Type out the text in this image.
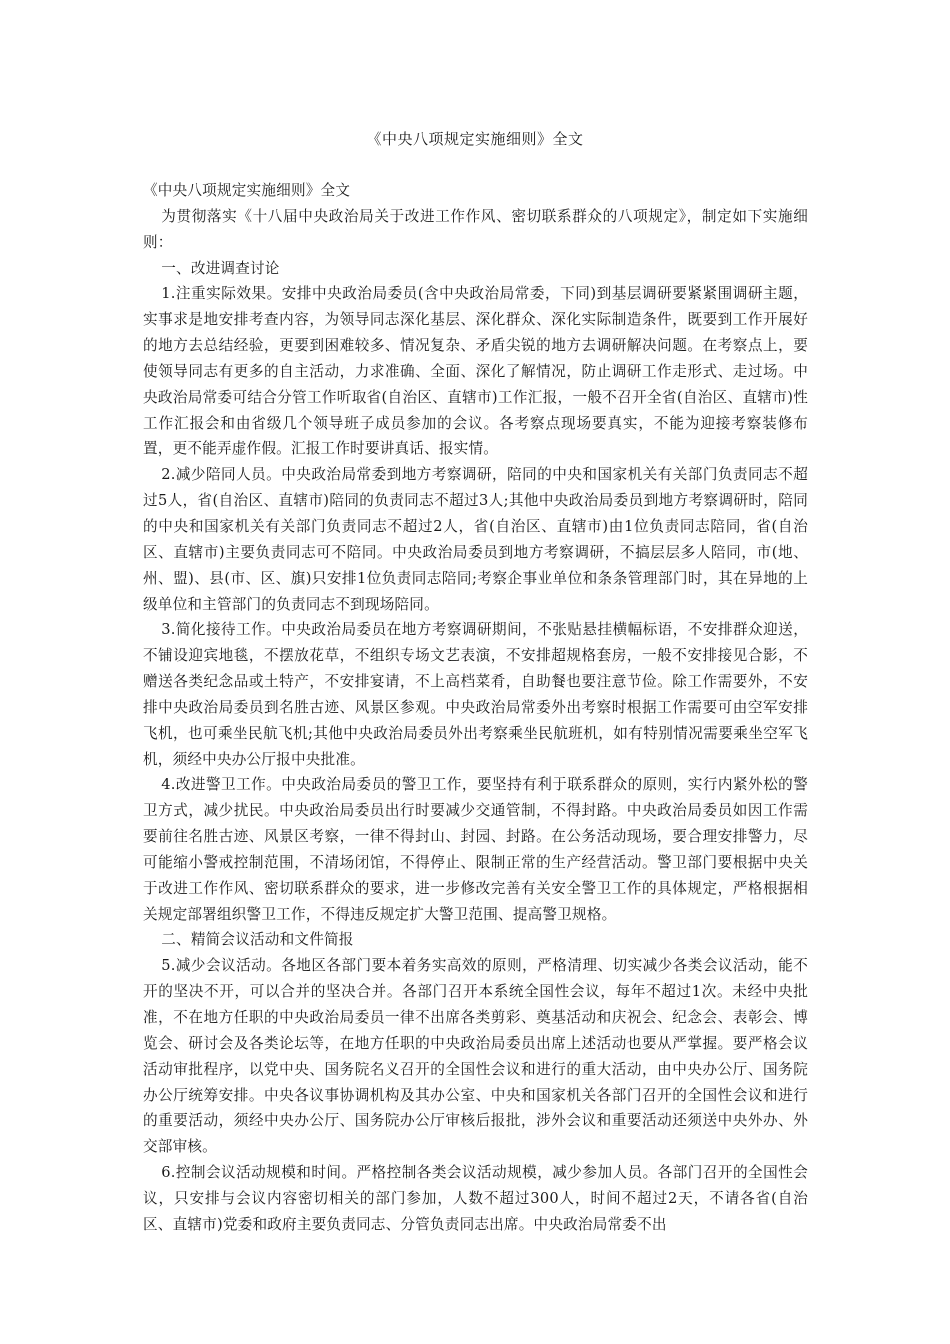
《中央八项规定实施细则》全文

《中央八项规定实施细则》全文

为贯彻落实《十八届中央政治局关于改进工作作风、密切联系群众的八项规定》，制定如下实施细则：

一、改进调查讨论

1.注重实际效果。安排中央政治局委员(含中央政治局常委，下同)到基层调研要紧紧围调研主题，实事求是地安排考查内容，为领导同志深化基层、深化群众、深化实际制造条件，既要到工作开展好的地方去总结经验，更要到困难较多、情况复杂、矛盾尖锐的地方去调研解决问题。在考察点上，要使领导同志有更多的自主活动，力求准确、全面、深化了解情况，防止调研工作走形式、走过场。中央政治局常委可结合分管工作听取省(自治区、直辖市)工作汇报，一般不召开全省(自治区、直辖市)性工作汇报会和由省级几个领导班子成员参加的会议。各考察点现场要真实，不能为迎接考察装修布置，更不能弄虚作假。汇报工作时要讲真话、报实情。

2.减少陪同人员。中央政治局常委到地方考察调研，陪同的中央和国家机关有关部门负责同志不超过5人，省(自治区、直辖市)陪同的负责同志不超过3人;其他中央政治局委员到地方考察调研时，陪同的中央和国家机关有关部门负责同志不超过2人，省(自治区、直辖市)由1位负责同志陪同，省(自治区、直辖市)主要负责同志可不陪同。中央政治局委员到地方考察调研，不搞层层多人陪同，市(地、州、盟)、县(市、区、旗)只安排1位负责同志陪同;考察企事业单位和条条管理部门时，其在异地的上级单位和主管部门的负责同志不到现场陪同。

3.简化接待工作。中央政治局委员在地方考察调研期间，不张贴悬挂横幅标语，不安排群众迎送，不铺设迎宾地毯，不摆放花草，不组织专场文艺表演，不安排超规格套房，一般不安排接见合影，不赠送各类纪念品或土特产，不安排宴请，不上高档菜肴，自助餐也要注意节俭。除工作需要外，不安排中央政治局委员到名胜古迹、风景区参观。中央政治局常委外出考察时根据工作需要可由空军安排飞机，也可乘坐民航飞机;其他中央政治局委员外出考察乘坐民航班机，如有特别情况需要乘坐空军飞机，须经中央办公厅报中央批准。

4.改进警卫工作。中央政治局委员的警卫工作，要坚持有利于联系群众的原则，实行内紧外松的警卫方式，减少扰民。中央政治局委员出行时要减少交通管制，不得封路。中央政治局委员如因工作需要前往名胜古迹、风景区考察，一律不得封山、封园、封路。在公务活动现场，要合理安排警力，尽可能缩小警戒控制范围，不清场闭馆，不得停止、限制正常的生产经营活动。警卫部门要根据中央关于改进工作作风、密切联系群众的要求，进一步修改完善有关安全警卫工作的具体规定，严格根据相关规定部署组织警卫工作，不得违反规定扩大警卫范围、提高警卫规格。

二、精简会议活动和文件简报

5.减少会议活动。各地区各部门要本着务实高效的原则，严格清理、切实减少各类会议活动，能不开的坚决不开，可以合并的坚决合并。各部门召开本系统全国性会议，每年不超过1次。未经中央批准，不在地方任职的中央政治局委员一律不出席各类剪彩、奠基活动和庆祝会、纪念会、表彰会、博览会、研讨会及各类论坛等，在地方任职的中央政治局委员出席上述活动也要从严掌握。要严格会议活动审批程序，以党中央、国务院名义召开的全国性会议和进行的重大活动，由中央办公厅、国务院办公厅统筹安排。中央各议事协调机构及其办公室、中央和国家机关各部门召开的全国性会议和进行的重要活动，须经中央办公厅、国务院办公厅审核后报批，涉外会议和重要活动还须送中央外办、外交部审核。

6.控制会议活动规模和时间。严格控制各类会议活动规模，减少参加人员。各部门召开的全国性会议，只安排与会议内容密切相关的部门参加，人数不超过300人，时间不超过2天，不请各省(自治区、直辖市)党委和政府主要负责同志、分管负责同志出席。中央政治局常委不出
